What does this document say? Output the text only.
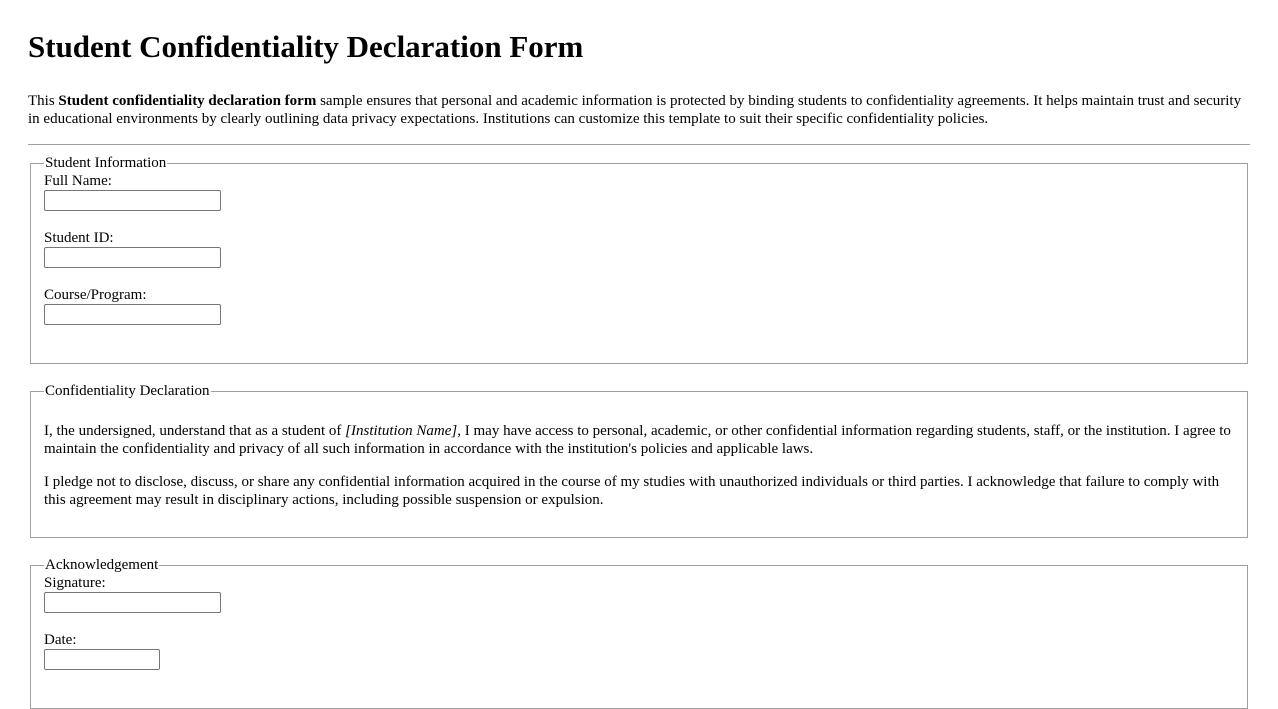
Student Confidentiality Declaration Form

This Student confidentiality declaration form sample ensures that personal and academic information is protected by binding students to confidentiality agreements. It helps maintain trust and security in educational environments by clearly outlining data privacy expectations. Institutions can customize this template to suit their specific confidentiality policies.

Student Information
Full Name:
Student ID:
Course/Program:
Confidentiality Declaration

I, the undersigned, understand that as a student of [Institution Name], I may have access to personal, academic, or other confidential information regarding students, staff, or the institution. I agree to maintain the confidentiality and privacy of all such information in accordance with the institution's policies and applicable laws.

I pledge not to disclose, discuss, or share any confidential information acquired in the course of my studies with unauthorized individuals or third parties. I acknowledge that failure to comply with this agreement may result in disciplinary actions, including possible suspension or expulsion.

Acknowledgement
Signature:
Date:
